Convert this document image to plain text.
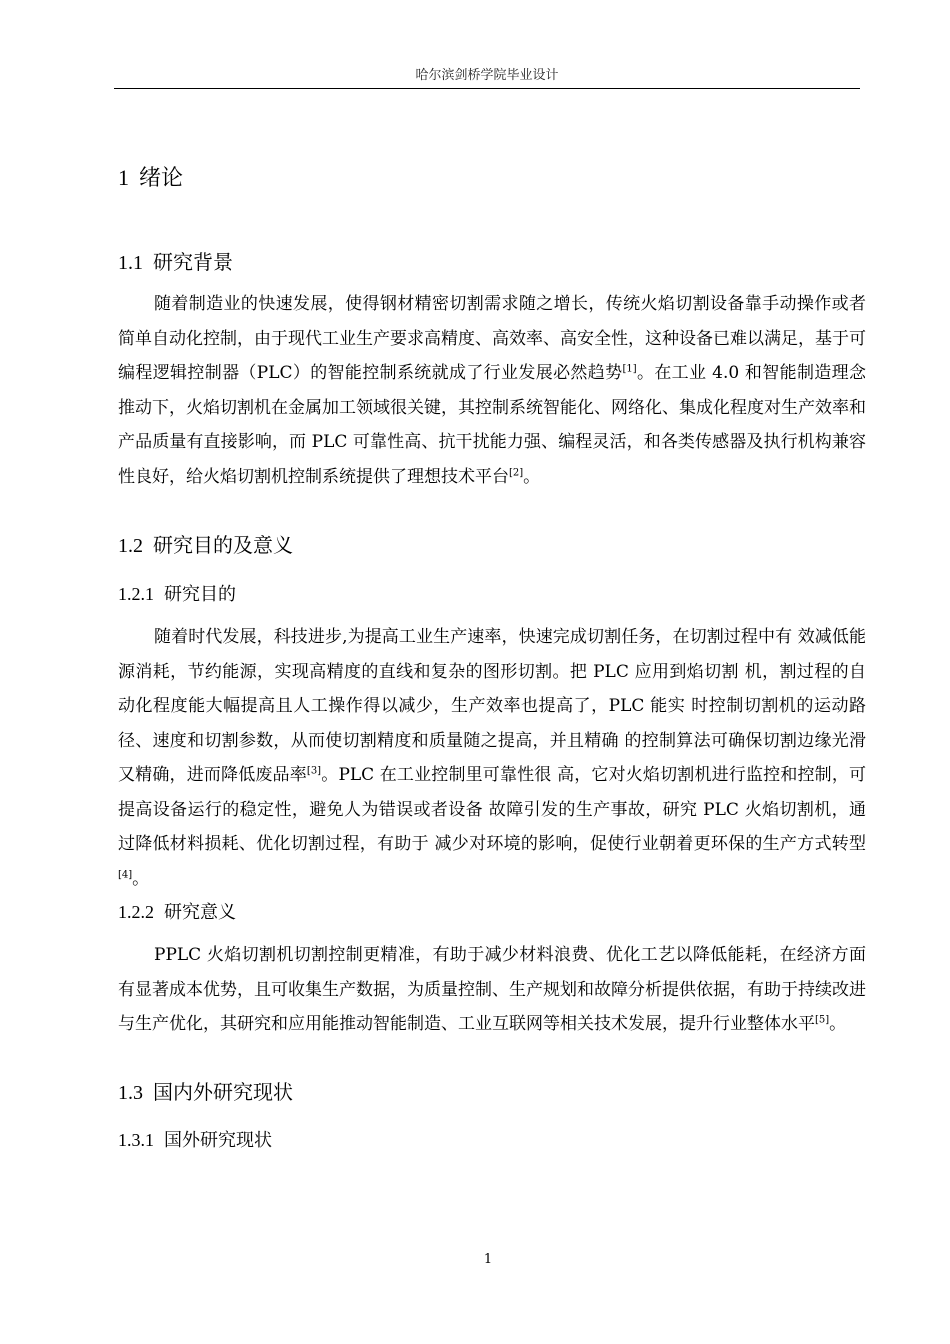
哈尔滨剑桥学院毕业设计
1 绪论
1.1 研究背景

随着制造业的快速发展，使得钢材精密切割需求随之增长，传统火焰切割设备靠手动操作或者简单自动化控制，由于现代工业生产要求高精度、高效率、高安全性，这种设备已难以满足，基于可编程逻辑控制器（PLC）的智能控制系统就成了行业发展必然趋势[1]。在工业 4.0 和智能制造理念推动下，火焰切割机在金属加工领域很关键，其控制系统智能化、网络化、集成化程度对生产效率和产品质量有直接影响，而 PLC 可靠性高、抗干扰能力强、编程灵活，和各类传感器及执行机构兼容性良好，给火焰切割机控制系统提供了理想技术平台[2]。

1.2 研究目的及意义
1.2.1 研究目的

随着时代发展，科技进步,为提高工业生产速率，快速完成切割任务，在切割过程中有 效减低能源消耗，节约能源，实现高精度的直线和复杂的图形切割。把 PLC 应用到焰切割 机，割过程的自动化程度能大幅提高且人工操作得以减少，生产效率也提高了，PLC 能实 时控制切割机的运动路径、速度和切割参数，从而使切割精度和质量随之提高，并且精确 的控制算法可确保切割边缘光滑又精确，进而降低废品率[3]。PLC 在工业控制里可靠性很 高，它对火焰切割机进行监控和控制，可提高设备运行的稳定性，避免人为错误或者设备 故障引发的生产事故，研究 PLC 火焰切割机，通过降低材料损耗、优化切割过程，有助于 减少对环境的影响，促使行业朝着更环保的生产方式转型[4]。

1.2.2 研究意义

PPLC 火焰切割机切割控制更精准，有助于减少材料浪费、优化工艺以降低能耗，在经济方面有显著成本优势，且可收集生产数据，为质量控制、生产规划和故障分析提供依据，有助于持续改进与生产优化，其研究和应用能推动智能制造、工业互联网等相关技术发展，提升行业整体水平[5]。

1.3 国内外研究现状
1.3.1 国外研究现状
1
